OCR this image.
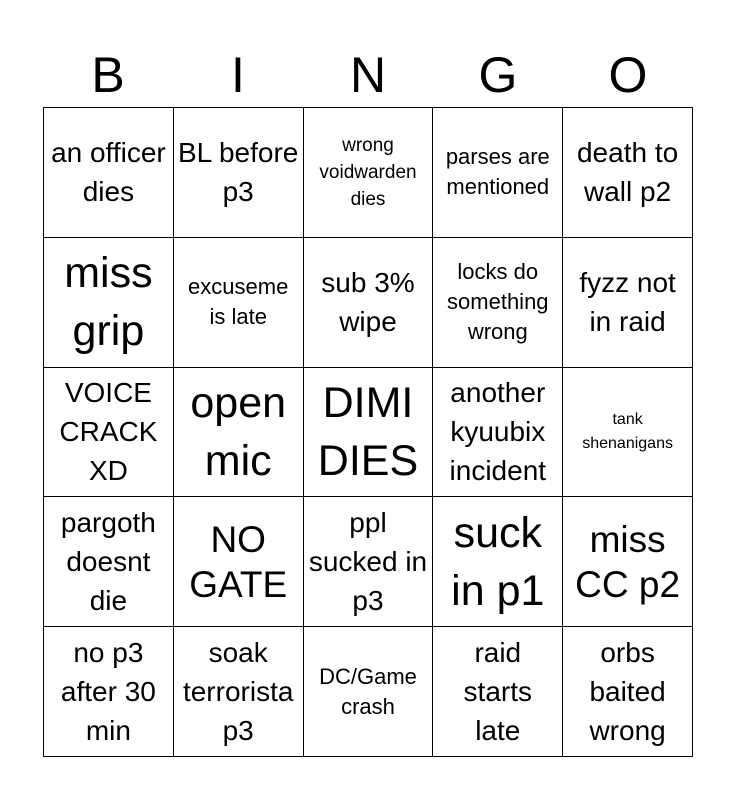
B	I	N	G	O
an officer dies
BL before p3
wrong voidwarden dies
parses are mentioned
death to wall p2
miss grip
excuseme is late
sub 3% wipe
locks do something wrong
fyzz not in raid
VOICE CRACK XD
open mic
DIMI DIES
another kyuubix incident
tank shenanigans
pargoth doesnt die
NO GATE
ppl sucked in p3
suck in p1
miss CC p2
no p3 after 30 min
soak terrorista p3
DC/Game crash
raid starts late
orbs baited wrong
